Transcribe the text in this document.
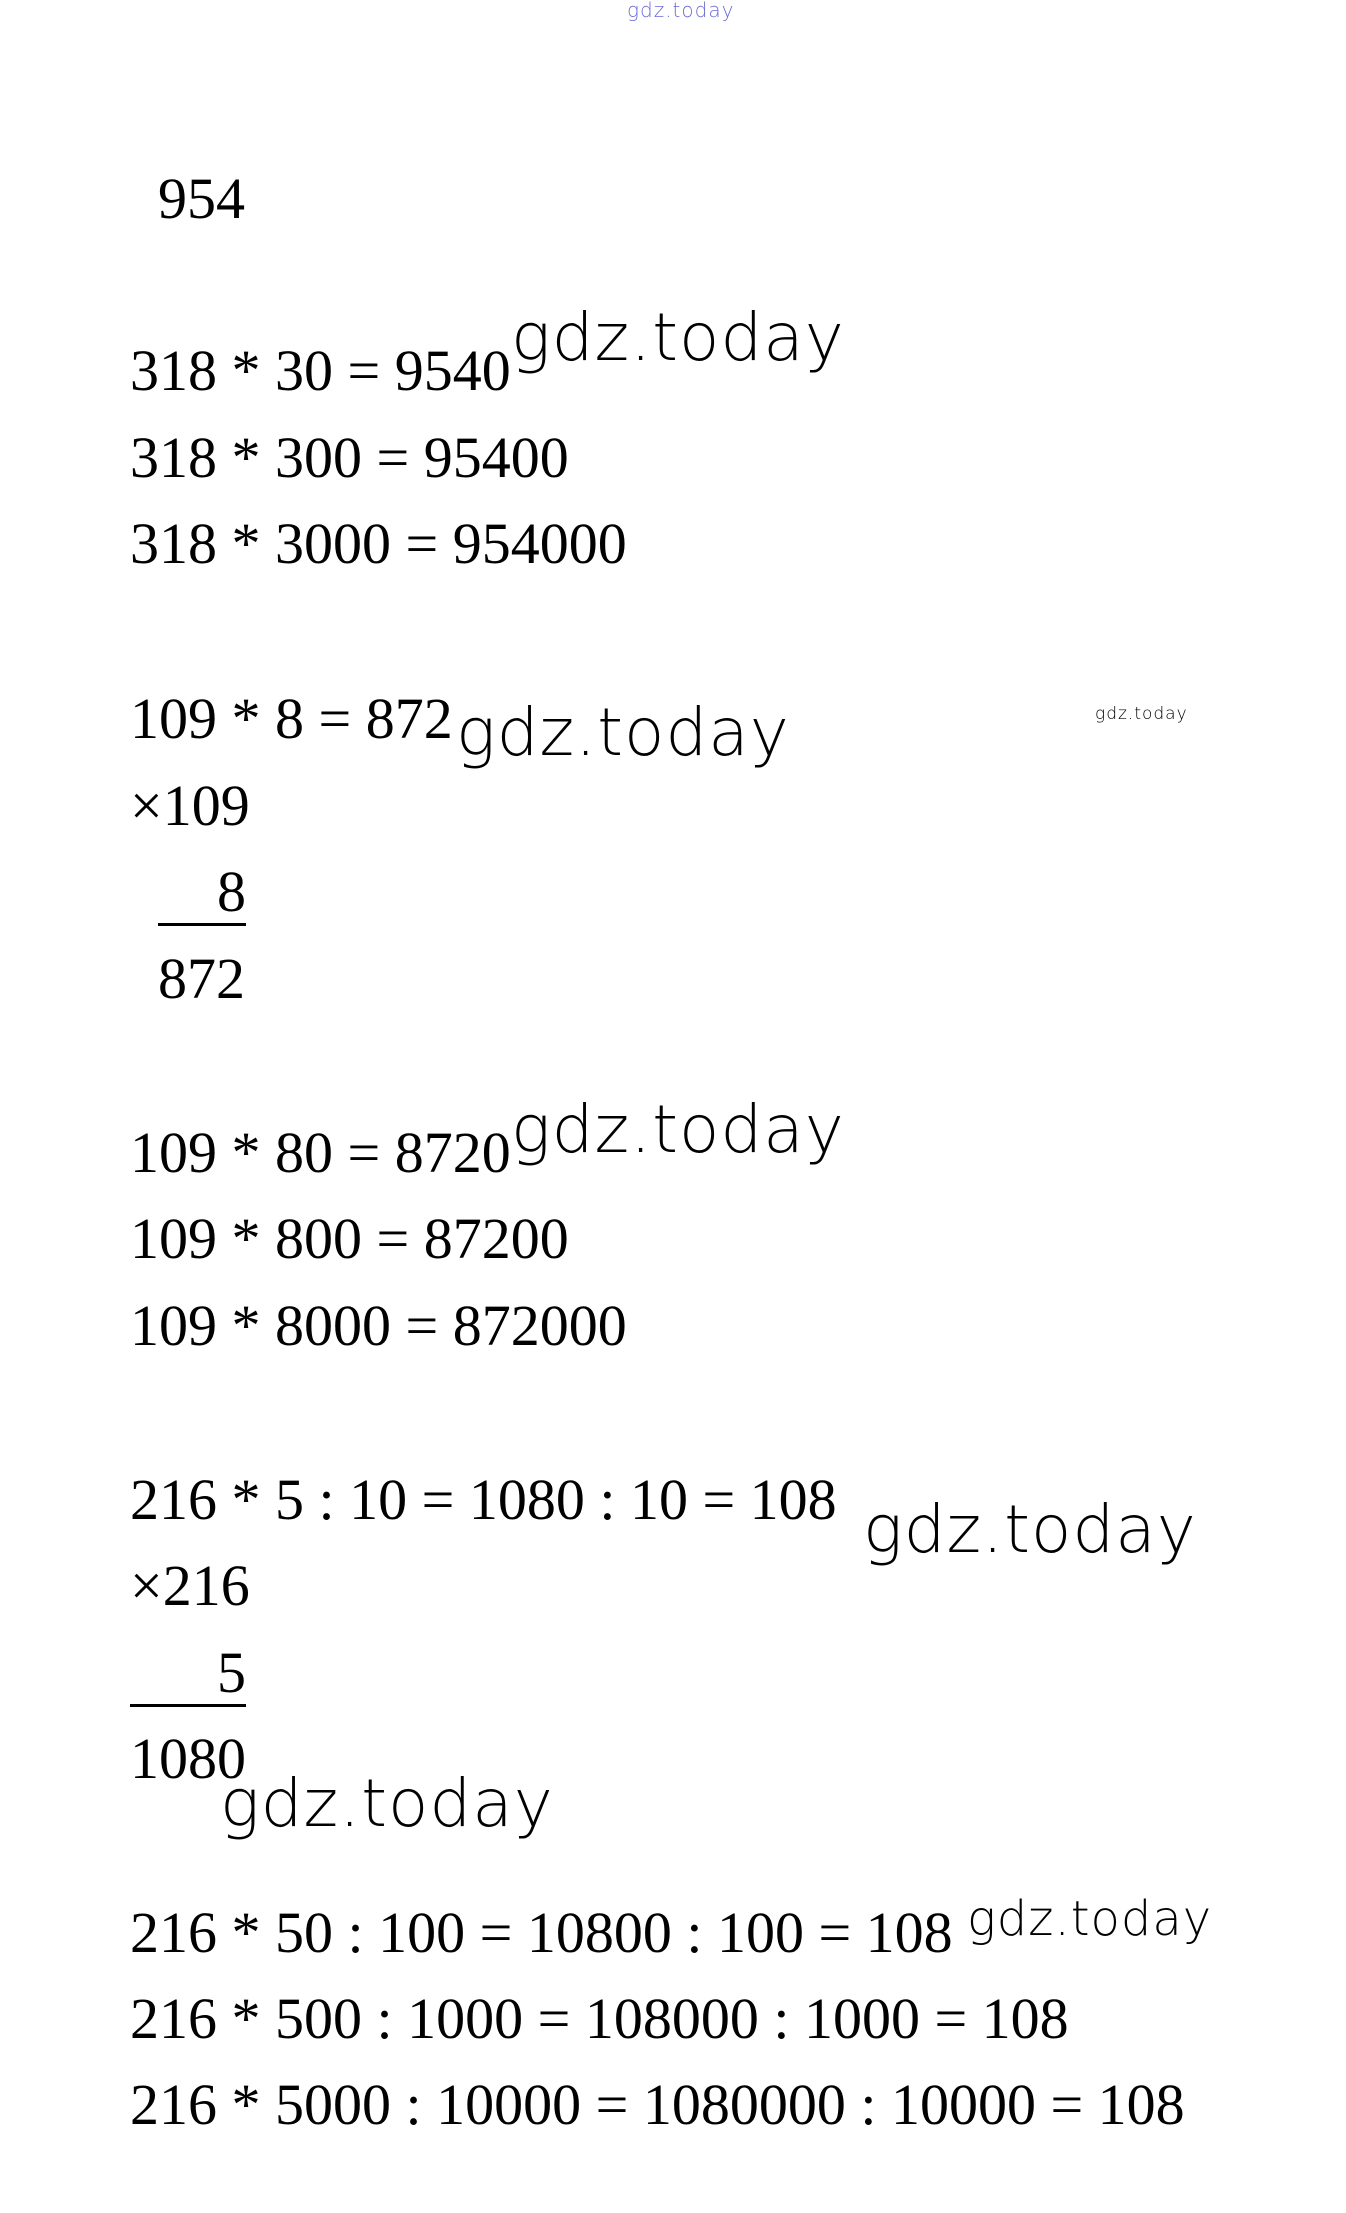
gdz.today
954
318 * 30 = 9540 gdz.today
318 * 300 = 95400
318 * 3000 = 954000
109 * 8 = 872 gdz.today	gdz.today
×109
8
872
109 * 80 = 8720 gdz.today
109 * 800 = 87200
109 * 8000 = 872000
216 * 5 : 10 = 1080 : 10 = 108 gdz.today
×216
5
1080
gdz.today
216 * 50 : 100 = 10800 : 100 = 108 gdz.today
216 * 500 : 1000 = 108000 : 1000 = 108
216 * 5000 : 10000 = 1080000 : 10000 = 108
